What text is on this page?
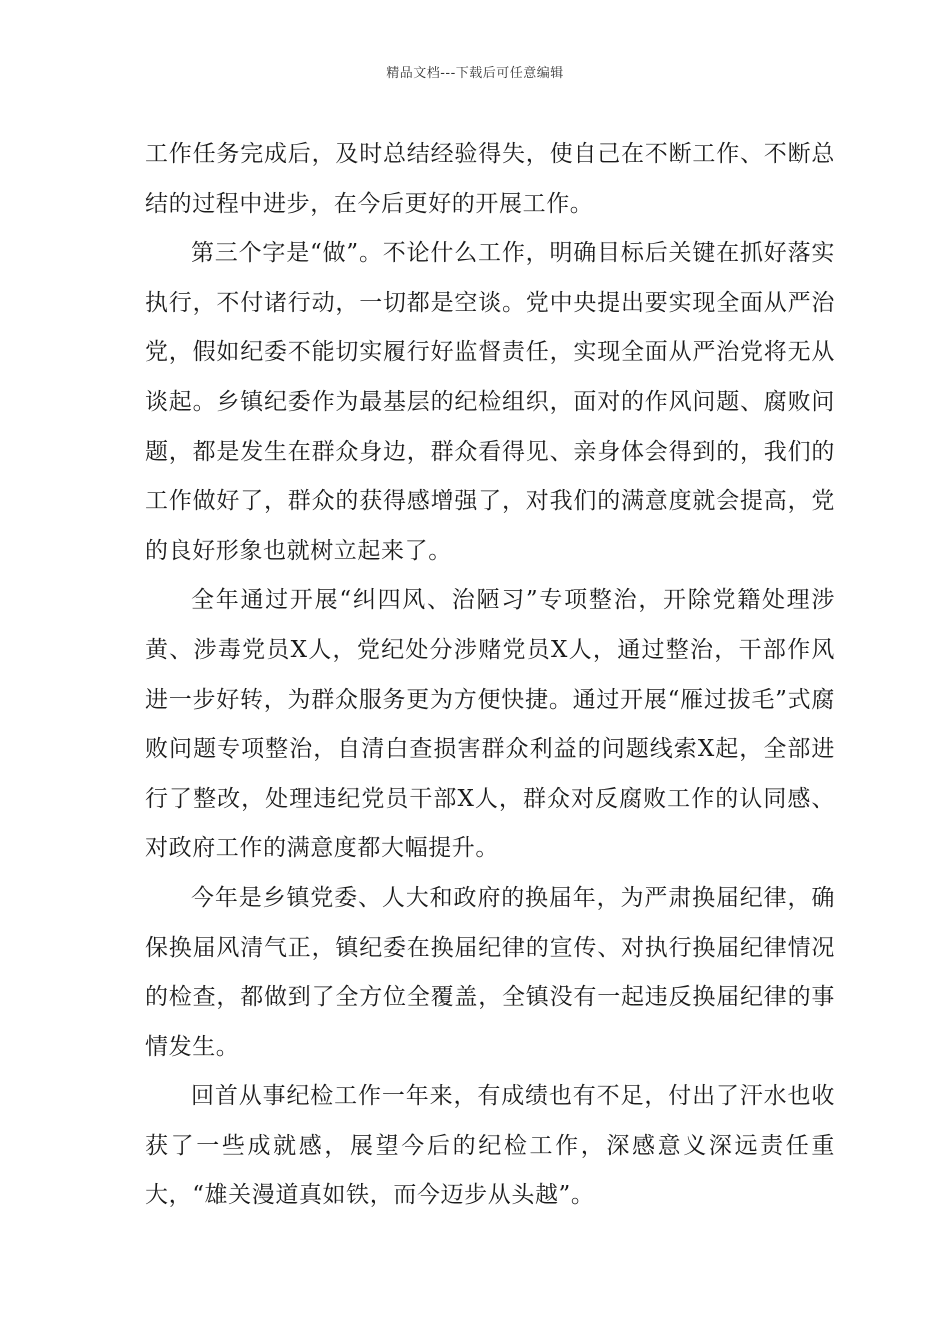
精品文档---下载后可任意编辑

工作任务完成后，及时总结经验得失，使自己在不断工作、不断总结的过程中进步，在今后更好的开展工作。

第三个字是“做”。不论什么工作，明确目标后关键在抓好落实执行，不付诸行动，一切都是空谈。党中央提出要实现全面从严治党，假如纪委不能切实履行好监督责任，实现全面从严治党将无从谈起。乡镇纪委作为最基层的纪检组织，面对的作风问题、腐败问题，都是发生在群众身边，群众看得见、亲身体会得到的，我们的工作做好了，群众的获得感增强了，对我们的满意度就会提高，党的良好形象也就树立起来了。

全年通过开展“纠四风、治陋习”专项整治，开除党籍处理涉黄、涉毒党员X人，党纪处分涉赌党员X人，通过整治，干部作风进一步好转，为群众服务更为方便快捷。通过开展“雁过拔毛”式腐败问题专项整治，自清白查损害群众利益的问题线索X起，全部进行了整改，处理违纪党员干部X人，群众对反腐败工作的认同感、对政府工作的满意度都大幅提升。

今年是乡镇党委、人大和政府的换届年，为严肃换届纪律，确保换届风清气正，镇纪委在换届纪律的宣传、对执行换届纪律情况的检查，都做到了全方位全覆盖，全镇没有一起违反换届纪律的事情发生。

回首从事纪检工作一年来，有成绩也有不足，付出了汗水也收获了一些成就感，展望今后的纪检工作，深感意义深远责任重大，“雄关漫道真如铁，而今迈步从头越”。
